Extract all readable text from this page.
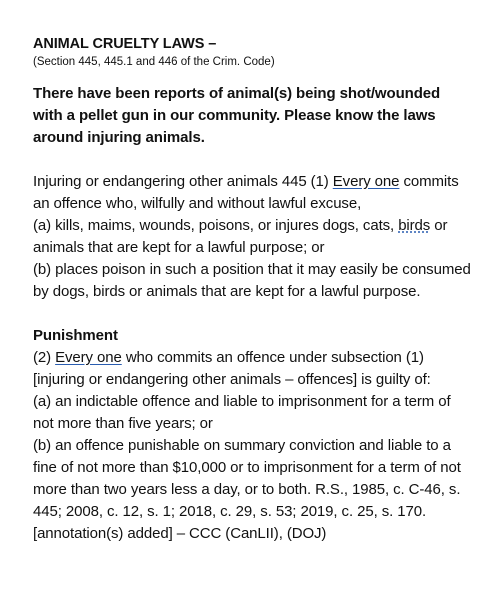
ANIMAL CRUELTY LAWS –

(Section 445, 445.1 and 446 of the Crim. Code)

There have been reports of animal(s) being shot/wounded with a pellet gun in our community. Please know the laws around injuring animals.

Injuring or endangering other animals 445 (1) Every one commits an offence who, wilfully and without lawful excuse,

(a) kills, maims, wounds, poisons, or injures dogs, cats, birds or animals that are kept for a lawful purpose; or

(b) places poison in such a position that it may easily be consumed by dogs, birds or animals that are kept for a lawful purpose.

Punishment

(2) Every one who commits an offence under subsection (1) [injuring or endangering other animals – offences] is guilty of:

(a) an indictable offence and liable to imprisonment for a term of not more than five years; or

(b) an offence punishable on summary conviction and liable to a fine of not more than $10,000 or to imprisonment for a term of not more than two years less a day, or to both. R.S., 1985, c. C-46, s. 445; 2008, c. 12, s. 1; 2018, c. 29, s. 53; 2019, c. 25, s. 170. [annotation(s) added] – CCC (CanLII), (DOJ)
